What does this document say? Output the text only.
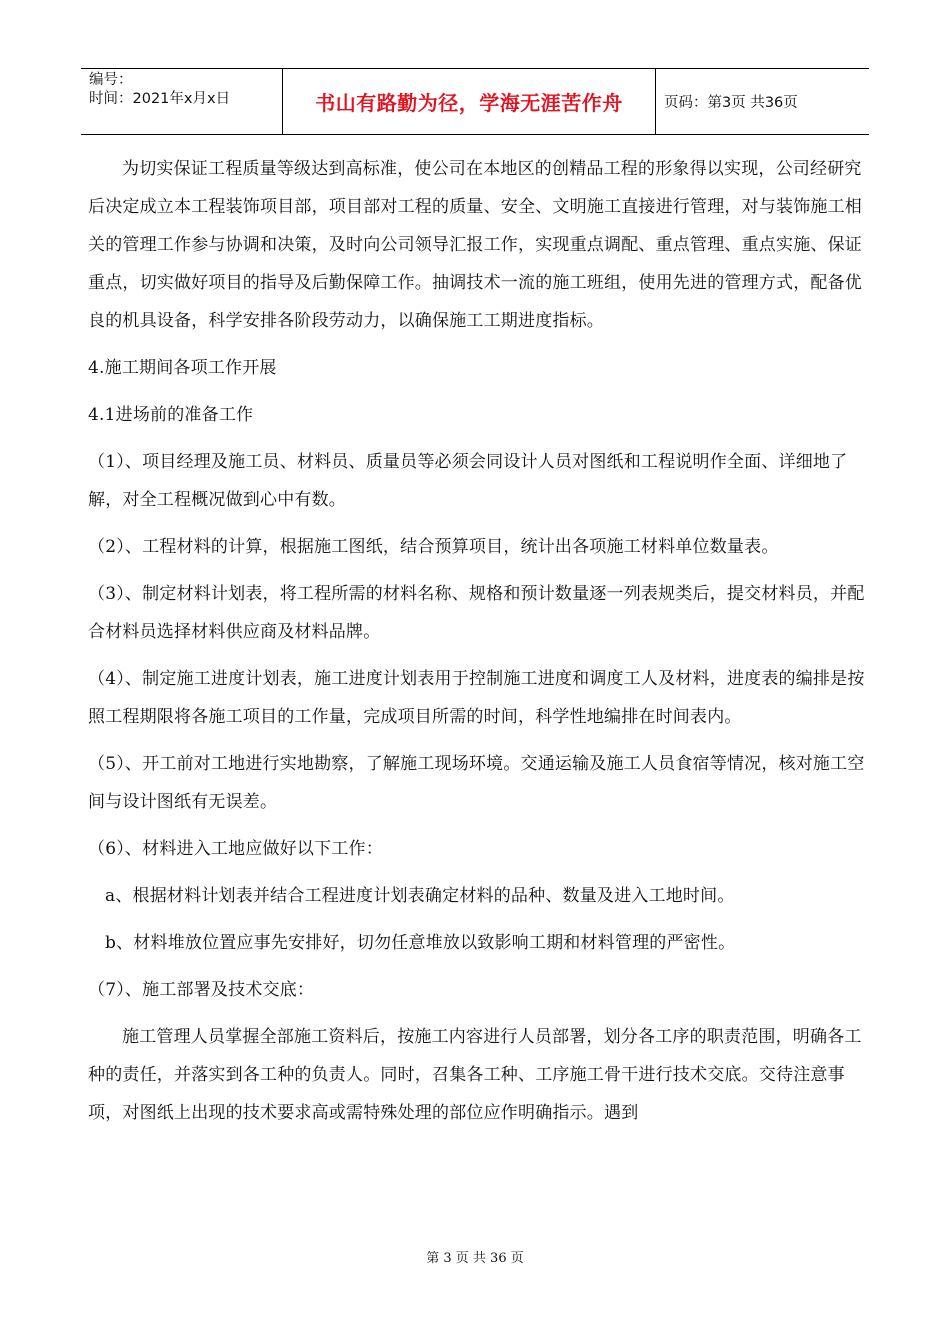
编号：
时间：2021年x月x日	书山有路勤为径，学海无涯苦作舟	页码：第3页 共36页

为切实保证工程质量等级达到高标准，使公司在本地区的创精品工程的形象得以实现，公司经研究后决定成立本工程装饰项目部，项目部对工程的质量、安全、文明施工直接进行管理，对与装饰施工相关的管理工作参与协调和决策，及时向公司领导汇报工作，实现重点调配、重点管理、重点实施、保证重点，切实做好项目的指导及后勤保障工作。抽调技术一流的施工班组，使用先进的管理方式，配备优良的机具设备，科学安排各阶段劳动力，以确保施工工期进度指标。

4.施工期间各项工作开展

4.1进场前的准备工作

（1）、项目经理及施工员、材料员、质量员等必须会同设计人员对图纸和工程说明作全面、详细地了解，对全工程概况做到心中有数。

（2）、工程材料的计算，根据施工图纸，结合预算项目，统计出各项施工材料单位数量表。

（3）、制定材料计划表，将工程所需的材料名称、规格和预计数量逐一列表规类后，提交材料员，并配合材料员选择材料供应商及材料品牌。

（4）、制定施工进度计划表，施工进度计划表用于控制施工进度和调度工人及材料，进度表的编排是按照工程期限将各施工项目的工作量，完成项目所需的时间，科学性地编排在时间表内。

（5）、开工前对工地进行实地勘察，了解施工现场环境。交通运输及施工人员食宿等情况，核对施工空间与设计图纸有无误差。

（6）、材料进入工地应做好以下工作：

a、根据材料计划表并结合工程进度计划表确定材料的品种、数量及进入工地时间。

b、材料堆放位置应事先安排好，切勿任意堆放以致影响工期和材料管理的严密性。

（7）、施工部署及技术交底：

施工管理人员掌握全部施工资料后，按施工内容进行人员部署，划分各工序的职责范围，明确各工种的责任，并落实到各工种的负责人。同时，召集各工种、工序施工骨干进行技术交底。交待注意事项，对图纸上出现的技术要求高或需特殊处理的部位应作明确指示。遇到

第 3 页 共 36 页
